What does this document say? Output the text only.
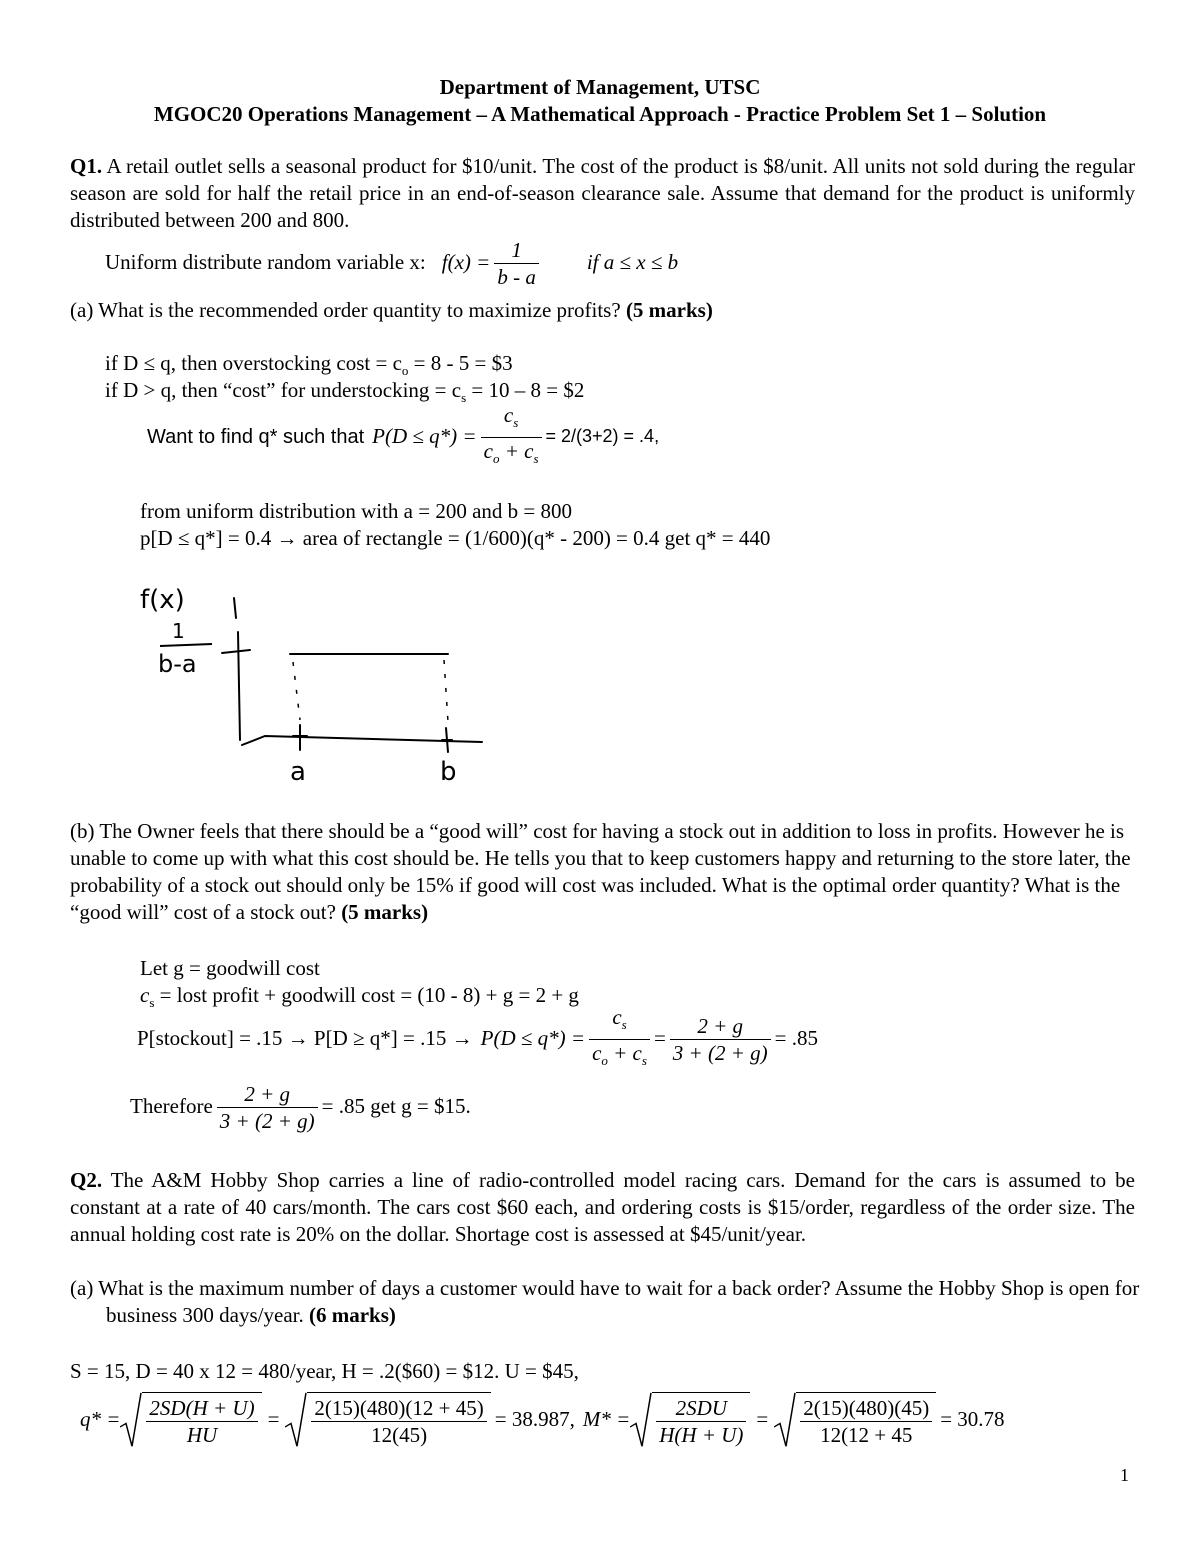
Department of Management, UTSC
MGOC20 Operations Management – A Mathematical Approach - Practice Problem Set 1 – Solution
Q1. A retail outlet sells a seasonal product for $10/unit. The cost of the product is $8/unit. All units not sold during the regular season are sold for half the retail price in an end-of-season clearance sale. Assume that demand for the product is uniformly distributed between 200 and 800.
Uniform distribute random variable x: $f(x) = \frac{1}{b - a}$ if a ≤ x ≤ b
(a) What is the recommended order quantity to maximize profits? (5 marks)
if D ≤ q, then overstocking $\cos t = c_o = 8 - 5$ = $3
if D > q, then “cost” for understocking = $c_s = 10 - 8$ = $2
Want to find q* such that $P(D \le q*) = \frac{c_s}{c_o + c_s} = 2/(3+2) = .4$,
from uniform distribution with a = 200 and b = 800
p[D ≤ q*] = 0.4 → area of rectangle = (1/600)(q* - 200) = 0.4 get q* = 440
f(x)
1
b-a
a	b
(b) The Owner feels that there should be a “good will” cost for having a stock out in addition to loss in profits. However he is unable to come up with what this cost should be. He tells you that to keep customers happy and returning to the store later, the probability of a stock out should only be 15% if good will cost was included. What is the optimal order quantity? What is the “good will” cost of a stock out? (5 marks)
Let g = goodwill cost
$c_s$ = lost profit + goodwill cost = (10 - 8) + g = 2 + g
P[stockout] = $.15 \to P[D \ge q*] = .15 \to P(D \le q*) = \frac{c_s}{c_o + c_s} = \frac{2 + g}{3 + (2 + g)} = .85$
Therefore $\frac{2 + g}{3 + (2 + g)} = .85$ get g = $15.
Q2. The A&M Hobby Shop carries a line of radio-controlled model racing cars. Demand for the cars is assumed to be constant at a rate of 40 cars/month. The cars cost $60 each, and ordering costs is $15/order, regardless of the order size. The annual holding cost rate is 20% on the dollar. Shortage cost is assessed at $45/unit/year.
(a) What is the maximum number of days a customer would have to wait for a back order? Assume the Hobby Shop is open for business 300 days/year. (6 marks)
S = 15, D = 40 x 12 = 480/year, H = .2($60) = $12. U = $45,
$q* = \frac{2SD(H + U)}{HU} = \frac{2(15)(480)(12 + 45)}{12(45)} = 38.987$, $M* = \frac{\text{2SDU}}{H(H + U)} = \frac{2(15)(480)(45)}{12(12 + 45} = 30.78$
1
